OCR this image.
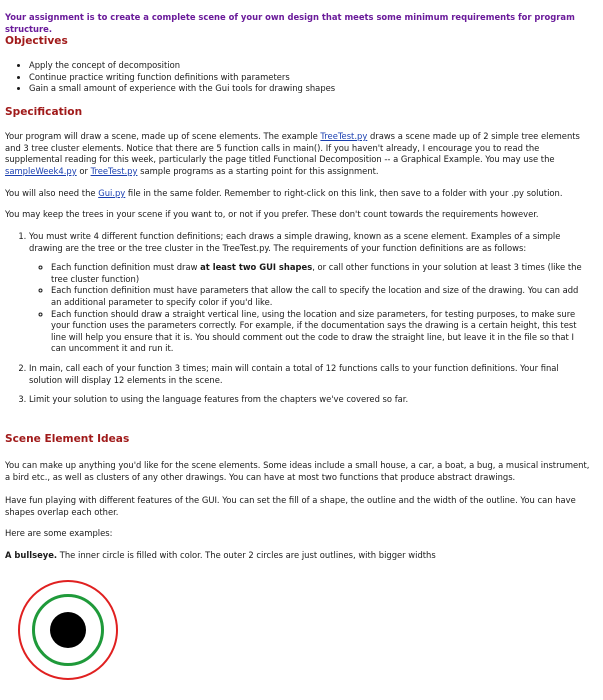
Your assignment is to create a complete scene of your own design that meets some minimum requirements for program structure.

Objectives
• Apply the concept of decomposition
• Continue practice writing function definitions with parameters
• Gain a small amount of experience with the Gui tools for drawing shapes
Specification

Your program will draw a scene, made up of scene elements. The example TreeTest.py draws a scene made up of 2 simple tree elements and 3 tree cluster elements. Notice that there are 5 function calls in main(). If you haven't already, I encourage you to read the supplemental reading for this week, particularly the page titled Functional Decomposition -- a Graphical Example. You may use the sampleWeek4.py or TreeTest.py sample programs as a starting point for this assignment.

You will also need the Gui.py file in the same folder. Remember to right-click on this link, then save to a folder with your .py solution.

You may keep the trees in your scene if you want to, or not if you prefer. These don't count towards the requirements however.

1. You must write 4 different function definitions; each draws a simple drawing, known as a scene element. Examples of a simple drawing are the tree or the tree cluster in the TreeTest.py. The requirements of your function definitions are as follows:
◦ Each function definition must draw at least two GUI shapes, or call other functions in your solution at least 3 times (like the tree cluster function)
◦ Each function definition must have parameters that allow the call to specify the location and size of the drawing. You can add an additional parameter to specify color if you'd like.
◦ Each function should draw a straight vertical line, using the location and size parameters, for testing purposes, to make sure your function uses the parameters correctly. For example, if the documentation says the drawing is a certain height, this test line will help you ensure that it is. You should comment out the code to draw the straight line, but leave it in the file so that I can uncomment it and run it.
2. In main, call each of your function 3 times; main will contain a total of 12 functions calls to your function definitions. Your final solution will display 12 elements in the scene.
3. Limit your solution to using the language features from the chapters we've covered so far.
Scene Element Ideas

You can make up anything you'd like for the scene elements. Some ideas include a small house, a car, a boat, a bug, a musical instrument, a bird etc., as well as clusters of any other drawings. You can have at most two functions that produce abstract drawings.

Have fun playing with different features of the GUI. You can set the fill of a shape, the outline and the width of the outline. You can have shapes overlap each other.

Here are some examples:

A bullseye. The inner circle is filled with color. The outer 2 circles are just outlines, with bigger widths
